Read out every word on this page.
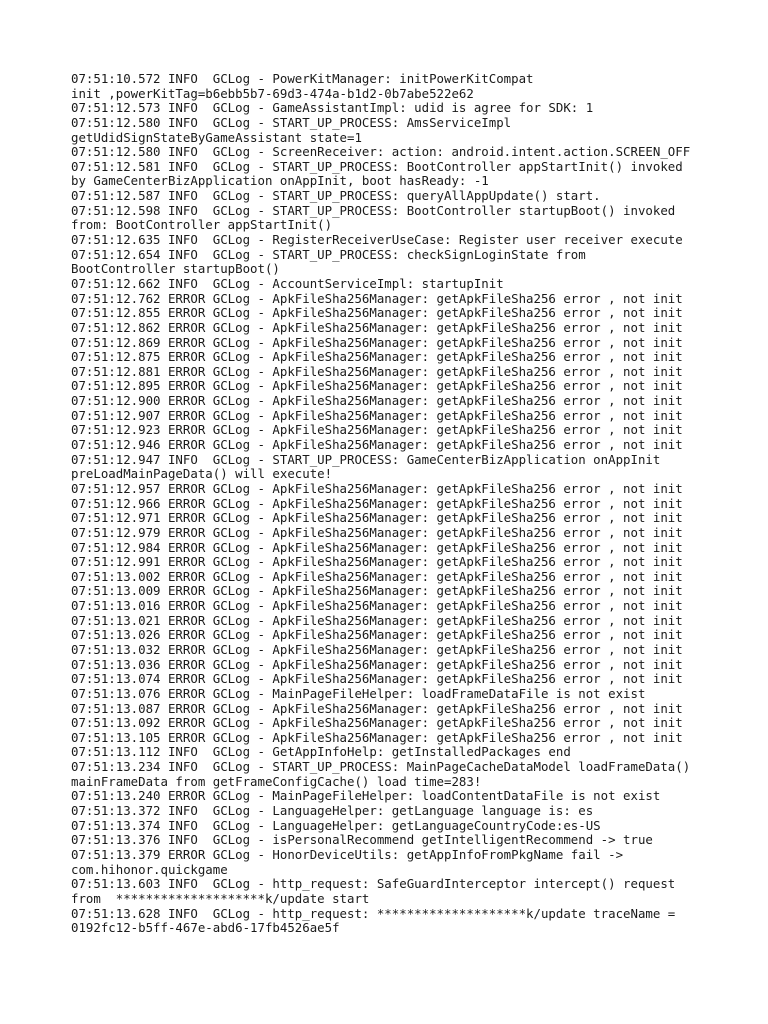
07:51:10.572 INFO  GCLog - PowerKitManager: initPowerKitCompat
init ,powerKitTag=b6ebb5b7-69d3-474a-b1d2-0b7abe522e62
07:51:12.573 INFO  GCLog - GameAssistantImpl: udid is agree for SDK: 1
07:51:12.580 INFO  GCLog - START_UP_PROCESS: AmsServiceImpl
getUdidSignStateByGameAssistant state=1
07:51:12.580 INFO  GCLog - ScreenReceiver: action: android.intent.action.SCREEN_OFF
07:51:12.581 INFO  GCLog - START_UP_PROCESS: BootController appStartInit() invoked
by GameCenterBizApplication onAppInit, boot hasReady: -1
07:51:12.587 INFO  GCLog - START_UP_PROCESS: queryAllAppUpdate() start.
07:51:12.598 INFO  GCLog - START_UP_PROCESS: BootController startupBoot() invoked
from: BootController appStartInit()
07:51:12.635 INFO  GCLog - RegisterReceiverUseCase: Register user receiver execute
07:51:12.654 INFO  GCLog - START_UP_PROCESS: checkSignLoginState from
BootController startupBoot()
07:51:12.662 INFO  GCLog - AccountServiceImpl: startupInit
07:51:12.762 ERROR GCLog - ApkFileSha256Manager: getApkFileSha256 error , not init
07:51:12.855 ERROR GCLog - ApkFileSha256Manager: getApkFileSha256 error , not init
07:51:12.862 ERROR GCLog - ApkFileSha256Manager: getApkFileSha256 error , not init
07:51:12.869 ERROR GCLog - ApkFileSha256Manager: getApkFileSha256 error , not init
07:51:12.875 ERROR GCLog - ApkFileSha256Manager: getApkFileSha256 error , not init
07:51:12.881 ERROR GCLog - ApkFileSha256Manager: getApkFileSha256 error , not init
07:51:12.895 ERROR GCLog - ApkFileSha256Manager: getApkFileSha256 error , not init
07:51:12.900 ERROR GCLog - ApkFileSha256Manager: getApkFileSha256 error , not init
07:51:12.907 ERROR GCLog - ApkFileSha256Manager: getApkFileSha256 error , not init
07:51:12.923 ERROR GCLog - ApkFileSha256Manager: getApkFileSha256 error , not init
07:51:12.946 ERROR GCLog - ApkFileSha256Manager: getApkFileSha256 error , not init
07:51:12.947 INFO  GCLog - START_UP_PROCESS: GameCenterBizApplication onAppInit
preLoadMainPageData() will execute!
07:51:12.957 ERROR GCLog - ApkFileSha256Manager: getApkFileSha256 error , not init
07:51:12.966 ERROR GCLog - ApkFileSha256Manager: getApkFileSha256 error , not init
07:51:12.971 ERROR GCLog - ApkFileSha256Manager: getApkFileSha256 error , not init
07:51:12.979 ERROR GCLog - ApkFileSha256Manager: getApkFileSha256 error , not init
07:51:12.984 ERROR GCLog - ApkFileSha256Manager: getApkFileSha256 error , not init
07:51:12.991 ERROR GCLog - ApkFileSha256Manager: getApkFileSha256 error , not init
07:51:13.002 ERROR GCLog - ApkFileSha256Manager: getApkFileSha256 error , not init
07:51:13.009 ERROR GCLog - ApkFileSha256Manager: getApkFileSha256 error , not init
07:51:13.016 ERROR GCLog - ApkFileSha256Manager: getApkFileSha256 error , not init
07:51:13.021 ERROR GCLog - ApkFileSha256Manager: getApkFileSha256 error , not init
07:51:13.026 ERROR GCLog - ApkFileSha256Manager: getApkFileSha256 error , not init
07:51:13.032 ERROR GCLog - ApkFileSha256Manager: getApkFileSha256 error , not init
07:51:13.036 ERROR GCLog - ApkFileSha256Manager: getApkFileSha256 error , not init
07:51:13.074 ERROR GCLog - ApkFileSha256Manager: getApkFileSha256 error , not init
07:51:13.076 ERROR GCLog - MainPageFileHelper: loadFrameDataFile is not exist
07:51:13.087 ERROR GCLog - ApkFileSha256Manager: getApkFileSha256 error , not init
07:51:13.092 ERROR GCLog - ApkFileSha256Manager: getApkFileSha256 error , not init
07:51:13.105 ERROR GCLog - ApkFileSha256Manager: getApkFileSha256 error , not init
07:51:13.112 INFO  GCLog - GetAppInfoHelp: getInstalledPackages end
07:51:13.234 INFO  GCLog - START_UP_PROCESS: MainPageCacheDataModel loadFrameData()
mainFrameData from getFrameConfigCache() load time=283!
07:51:13.240 ERROR GCLog - MainPageFileHelper: loadContentDataFile is not exist
07:51:13.372 INFO  GCLog - LanguageHelper: getLanguage language is: es
07:51:13.374 INFO  GCLog - LanguageHelper: getLanguageCountryCode:es-US
07:51:13.376 INFO  GCLog - isPersonalRecommend getIntelligentRecommend -> true
07:51:13.379 ERROR GCLog - HonorDeviceUtils: getAppInfoFromPkgName fail ->
com.hihonor.quickgame
07:51:13.603 INFO  GCLog - http_request: SafeGuardInterceptor intercept() request
from  ********************k/update start
07:51:13.628 INFO  GCLog - http_request: ********************k/update traceName =
0192fc12-b5ff-467e-abd6-17fb4526ae5f
